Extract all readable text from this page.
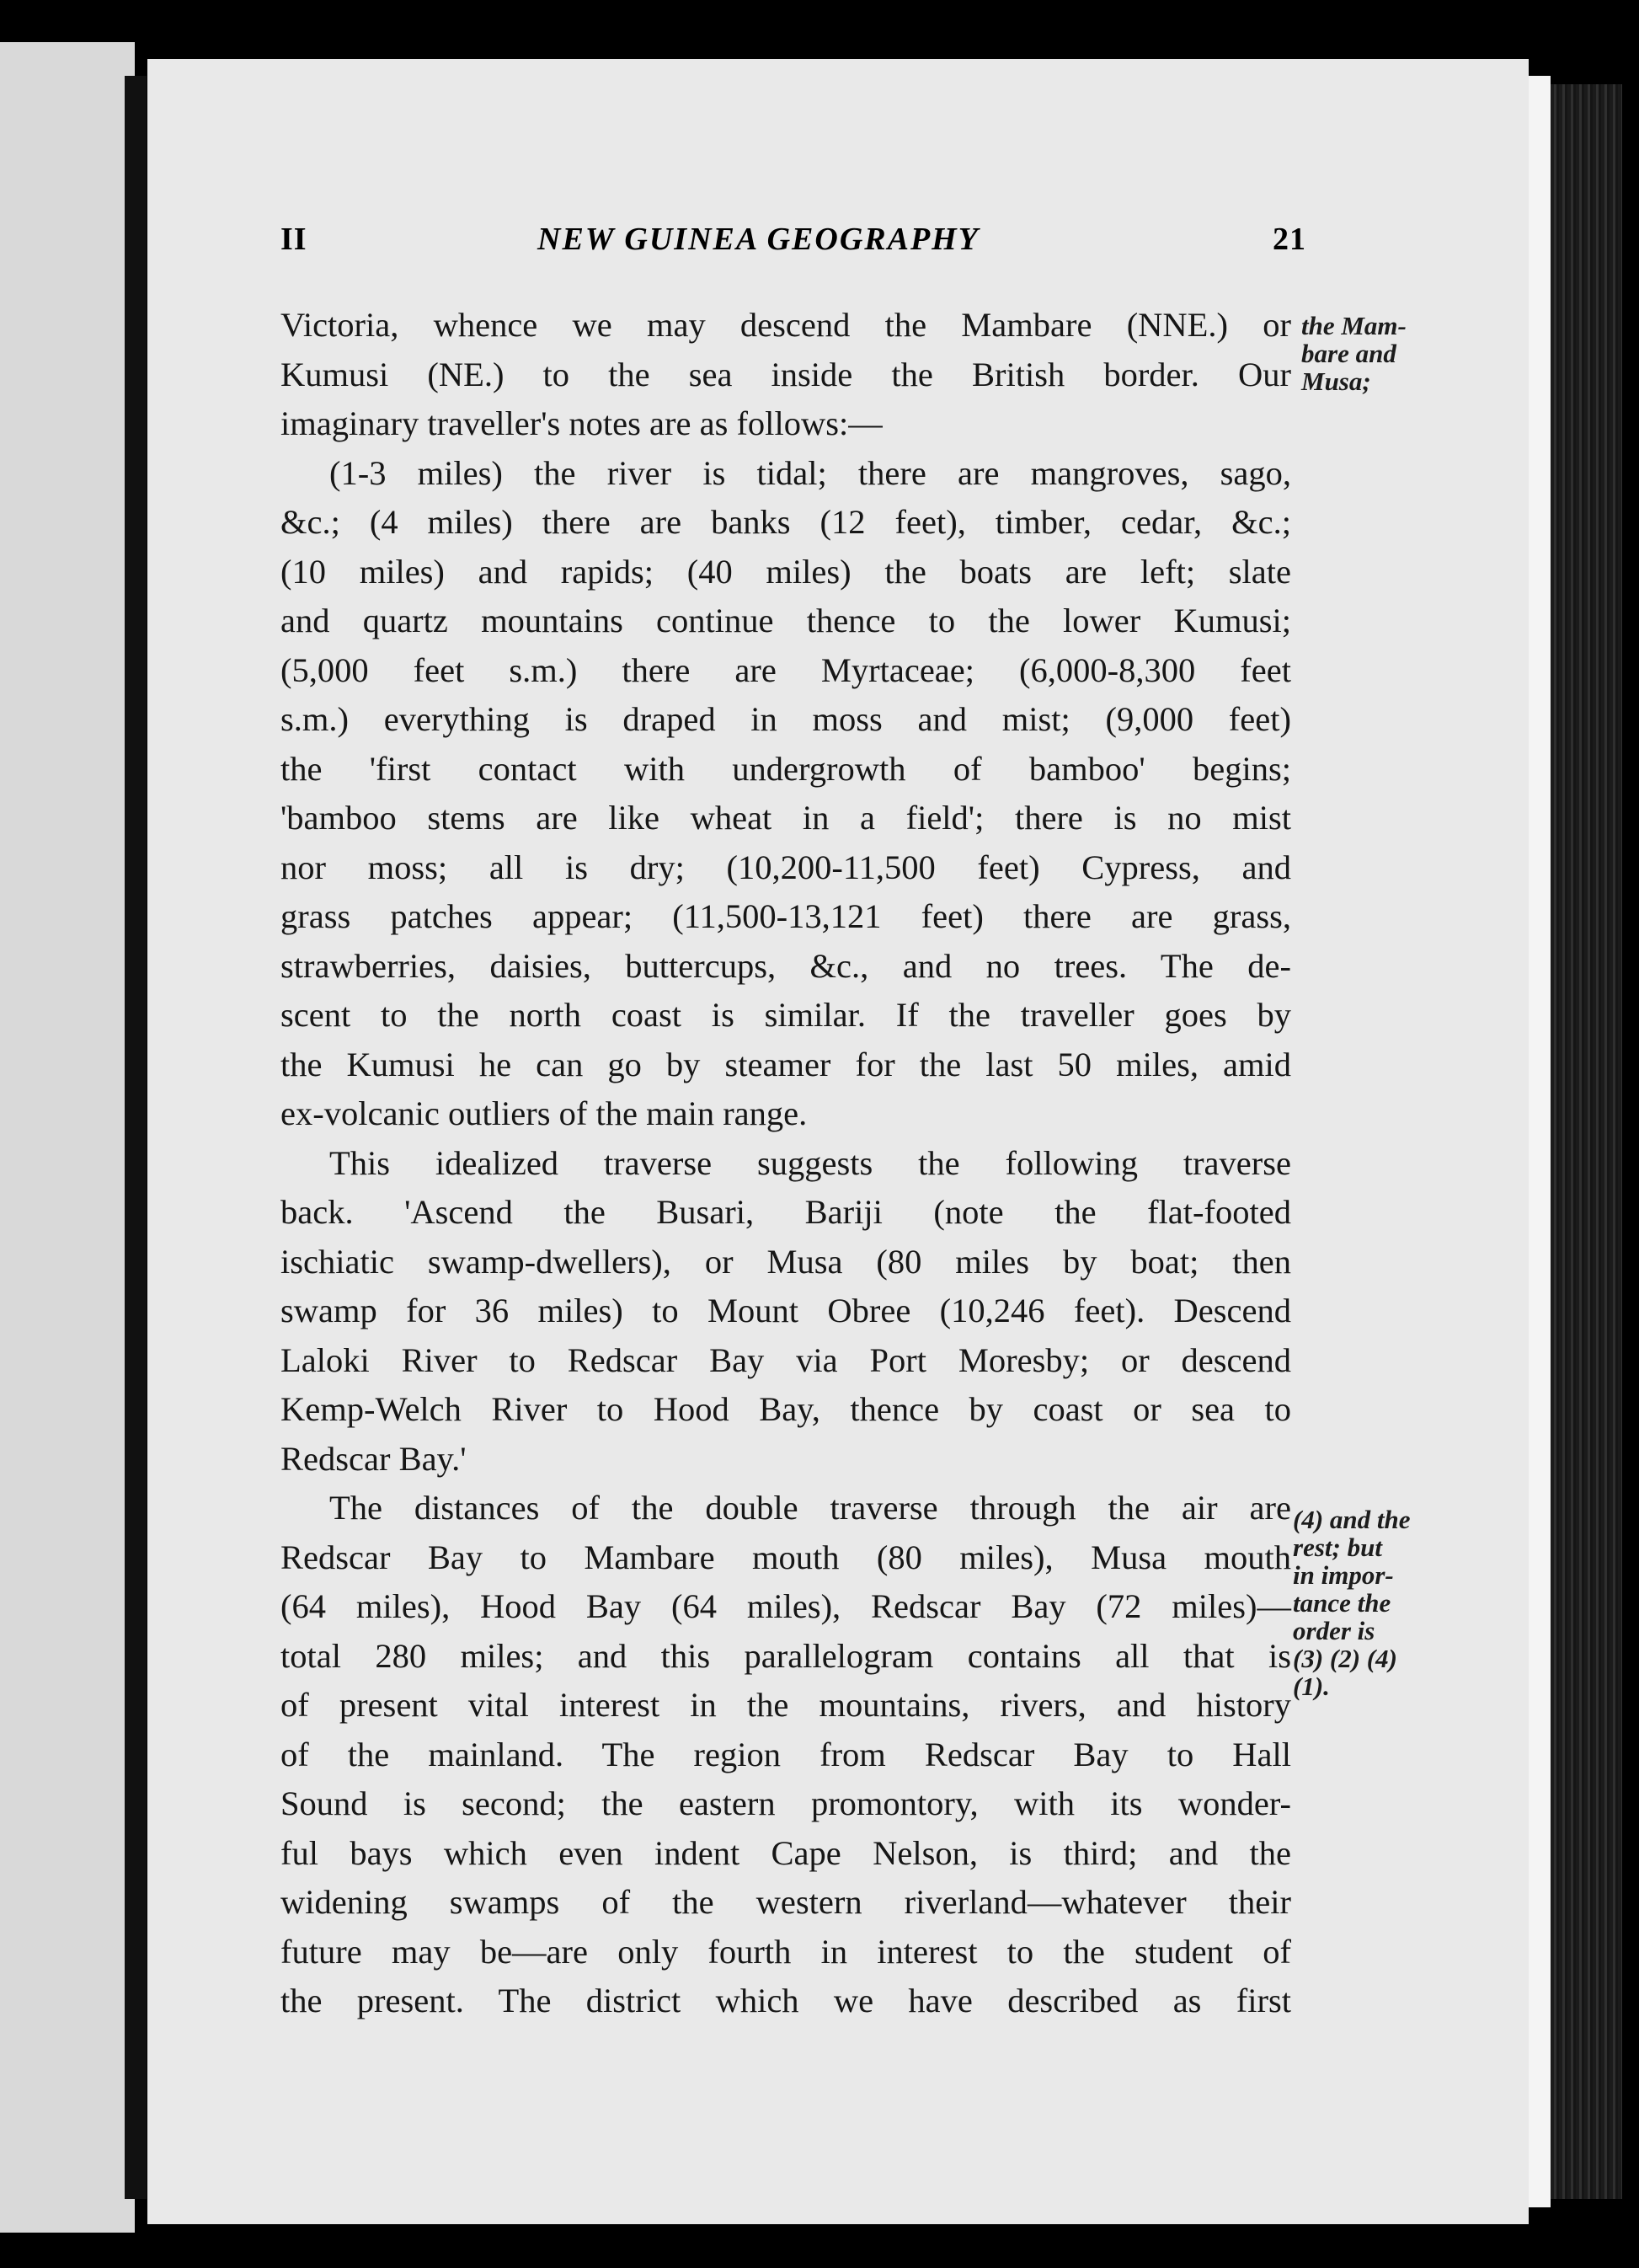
II	NEW GUINEA GEOGRAPHY	21
Victoria, whence we may descend the Mambare (NNE.) or
Kumusi (NE.) to the sea inside the British border. Our
imaginary traveller's notes are as follows:—
(1-3 miles) the river is tidal; there are mangroves, sago,
&c.; (4 miles) there are banks (12 feet), timber, cedar, &c.;
(10 miles) and rapids; (40 miles) the boats are left; slate
and quartz mountains continue thence to the lower Kumusi;
(5,000 feet s.m.) there are Myrtaceae; (6,000-8,300 feet
s.m.) everything is draped in moss and mist; (9,000 feet)
the 'first contact with undergrowth of bamboo' begins;
'bamboo stems are like wheat in a field'; there is no mist
nor moss; all is dry; (10,200-11,500 feet) Cypress, and
grass patches appear; (11,500-13,121 feet) there are grass,
strawberries, daisies, buttercups, &c., and no trees. The de-
scent to the north coast is similar. If the traveller goes by
the Kumusi he can go by steamer for the last 50 miles, amid
ex-volcanic outliers of the main range.
This idealized traverse suggests the following traverse
back. 'Ascend the Busari, Bariji (note the flat-footed
ischiatic swamp-dwellers), or Musa (80 miles by boat; then
swamp for 36 miles) to Mount Obree (10,246 feet). Descend
Laloki River to Redscar Bay via Port Moresby; or descend
Kemp-Welch River to Hood Bay, thence by coast or sea to
Redscar Bay.'
The distances of the double traverse through the air are
Redscar Bay to Mambare mouth (80 miles), Musa mouth
(64 miles), Hood Bay (64 miles), Redscar Bay (72 miles)—
total 280 miles; and this parallelogram contains all that is
of present vital interest in the mountains, rivers, and history
of the mainland. The region from Redscar Bay to Hall
Sound is second; the eastern promontory, with its wonder-
ful bays which even indent Cape Nelson, is third; and the
widening swamps of the western riverland—whatever their
future may be—are only fourth in interest to the student of
the present. The district which we have described as first
the Mam-
bare and
Musa;
(4) and the
rest; but
in impor-
tance the
order is
(3) (2) (4)
(1).
